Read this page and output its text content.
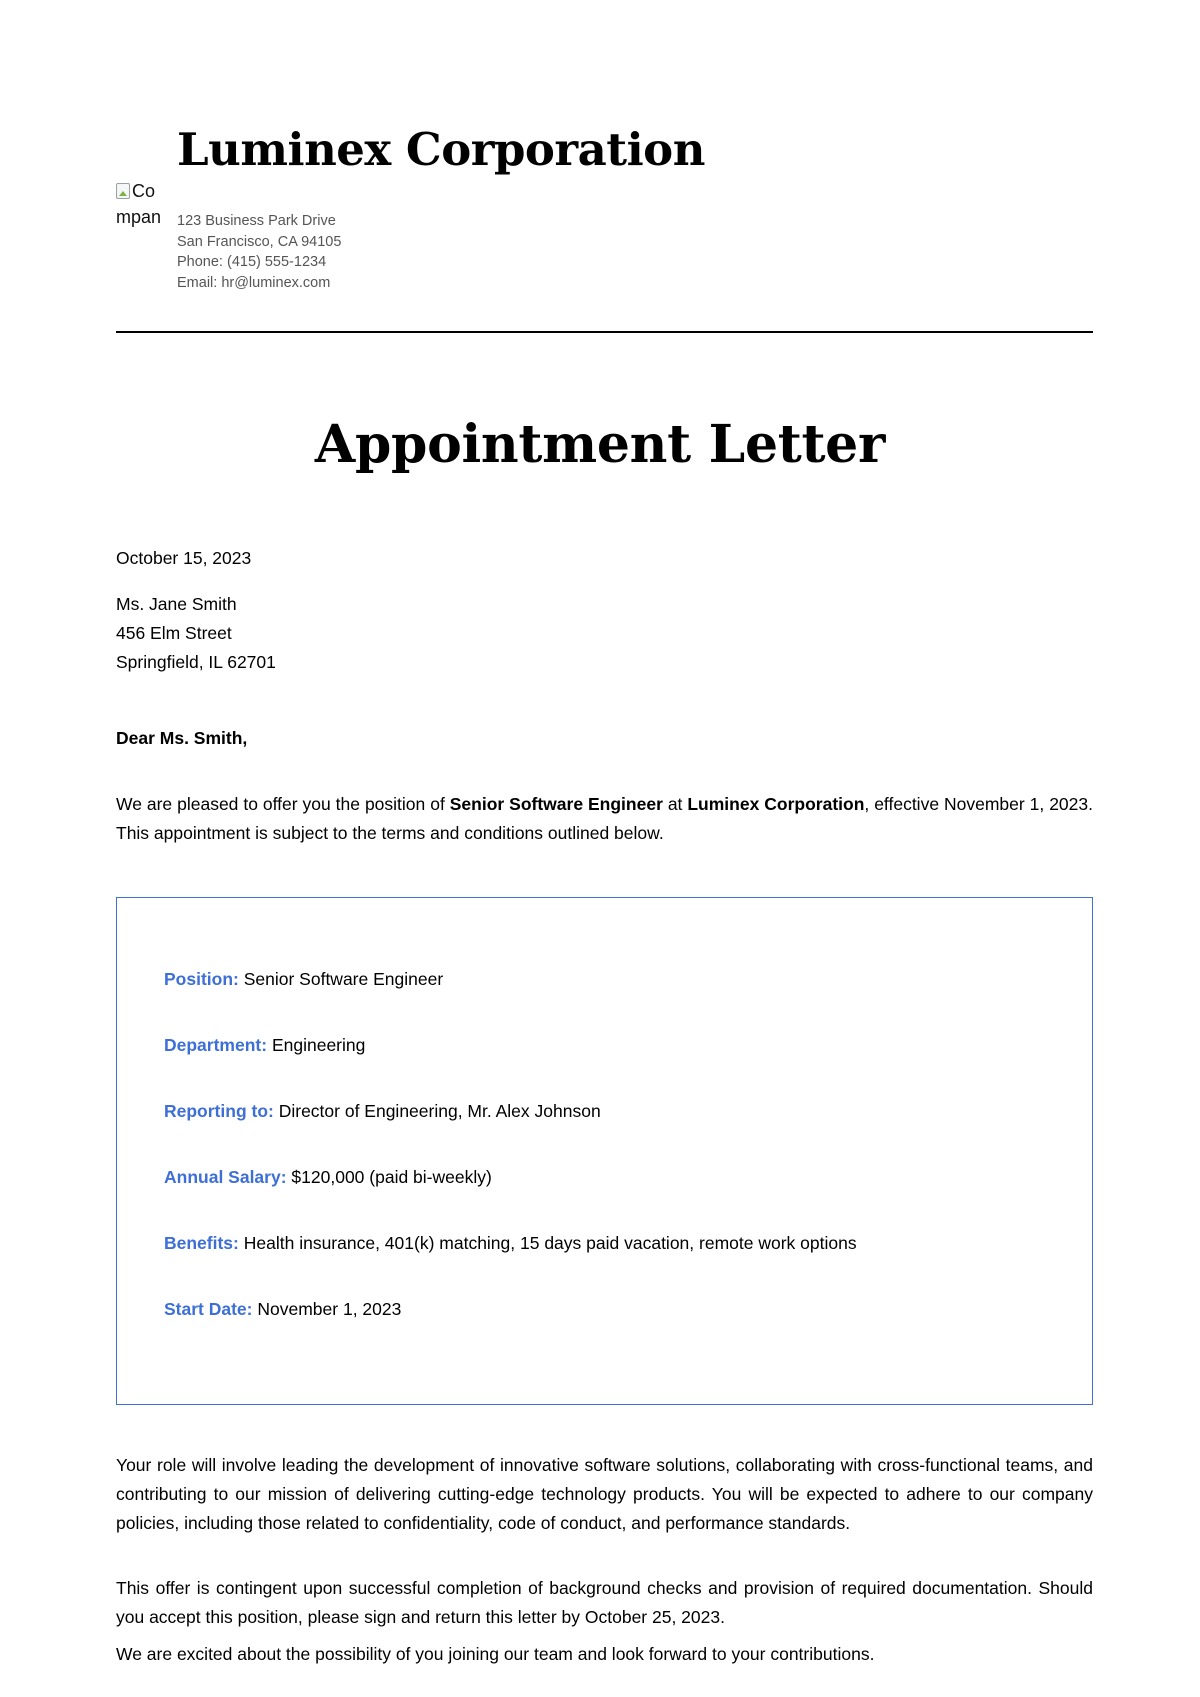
Co
mpan
Luminex Corporation
123 Business Park Drive
San Francisco, CA 94105
Phone: (415) 555-1234
Email: hr@luminex.com
Appointment Letter
October 15, 2023
Ms. Jane Smith
456 Elm Street
Springfield, IL 62701
Dear Ms. Smith,
We are pleased to offer you the position of Senior Software Engineer at Luminex Corporation, effective November 1, 2023. This appointment is subject to the terms and conditions outlined below.
Position: Senior Software Engineer
Department: Engineering
Reporting to: Director of Engineering, Mr. Alex Johnson
Annual Salary: $120,000 (paid bi-weekly)
Benefits: Health insurance, 401(k) matching, 15 days paid vacation, remote work options
Start Date: November 1, 2023
Your role will involve leading the development of innovative software solutions, collaborating with cross-functional teams, and contributing to our mission of delivering cutting-edge technology products. You will be expected to adhere to our company policies, including those related to confidentiality, code of conduct, and performance standards.
This offer is contingent upon successful completion of background checks and provision of required documentation. Should you accept this position, please sign and return this letter by October 25, 2023.
We are excited about the possibility of you joining our team and look forward to your contributions.
